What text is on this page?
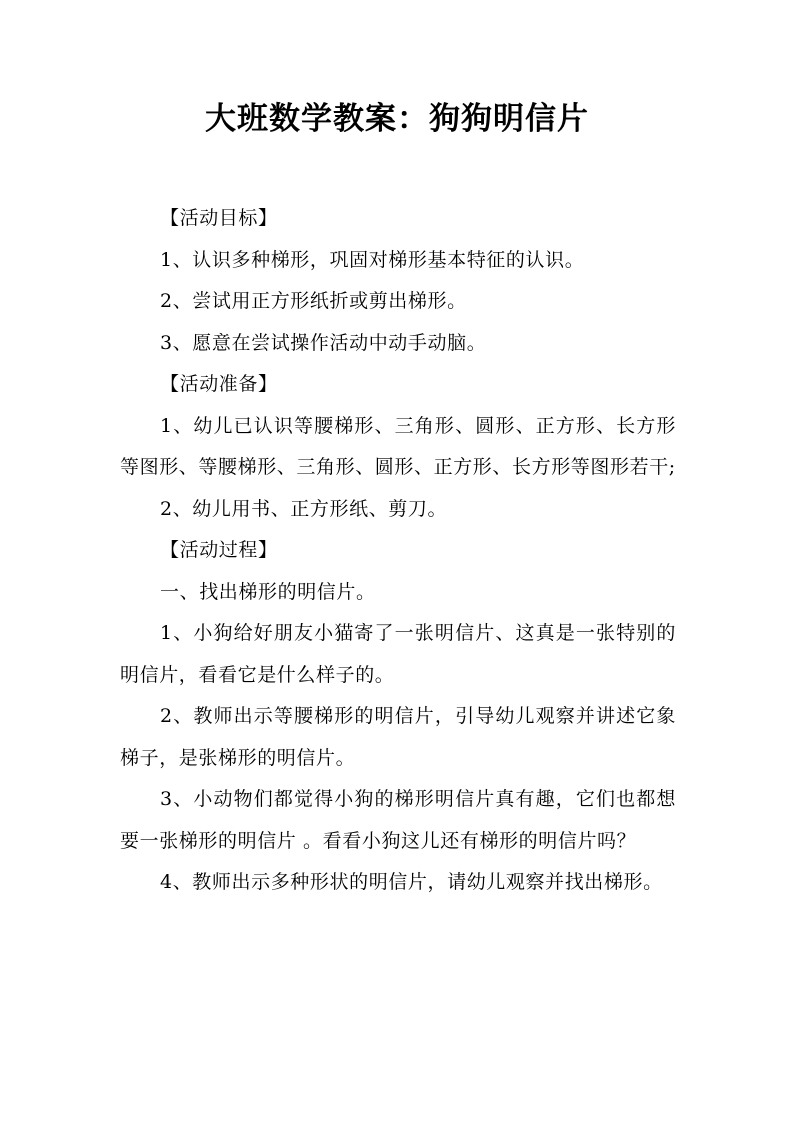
大班数学教案：狗狗明信片

【活动目标】

1、认识多种梯形，巩固对梯形基本特征的认识。

2、尝试用正方形纸折或剪出梯形。

3、愿意在尝试操作活动中动手动脑。

【活动准备】

1、幼儿已认识等腰梯形、三角形、圆形、正方形、长方形等图形、等腰梯形、三角形、圆形、正方形、长方形等图形若干;

2、幼儿用书、正方形纸、剪刀。

【活动过程】

一、找出梯形的明信片。

1、小狗给好朋友小猫寄了一张明信片、这真是一张特别的明信片，看看它是什么样子的。

2、教师出示等腰梯形的明信片，引导幼儿观察并讲述它象梯子，是张梯形的明信片。

3、小动物们都觉得小狗的梯形明信片真有趣，它们也都想要一张梯形的明信片 。看看小狗这儿还有梯形的明信片吗？

4、教师出示多种形状的明信片，请幼儿观察并找出梯形。
